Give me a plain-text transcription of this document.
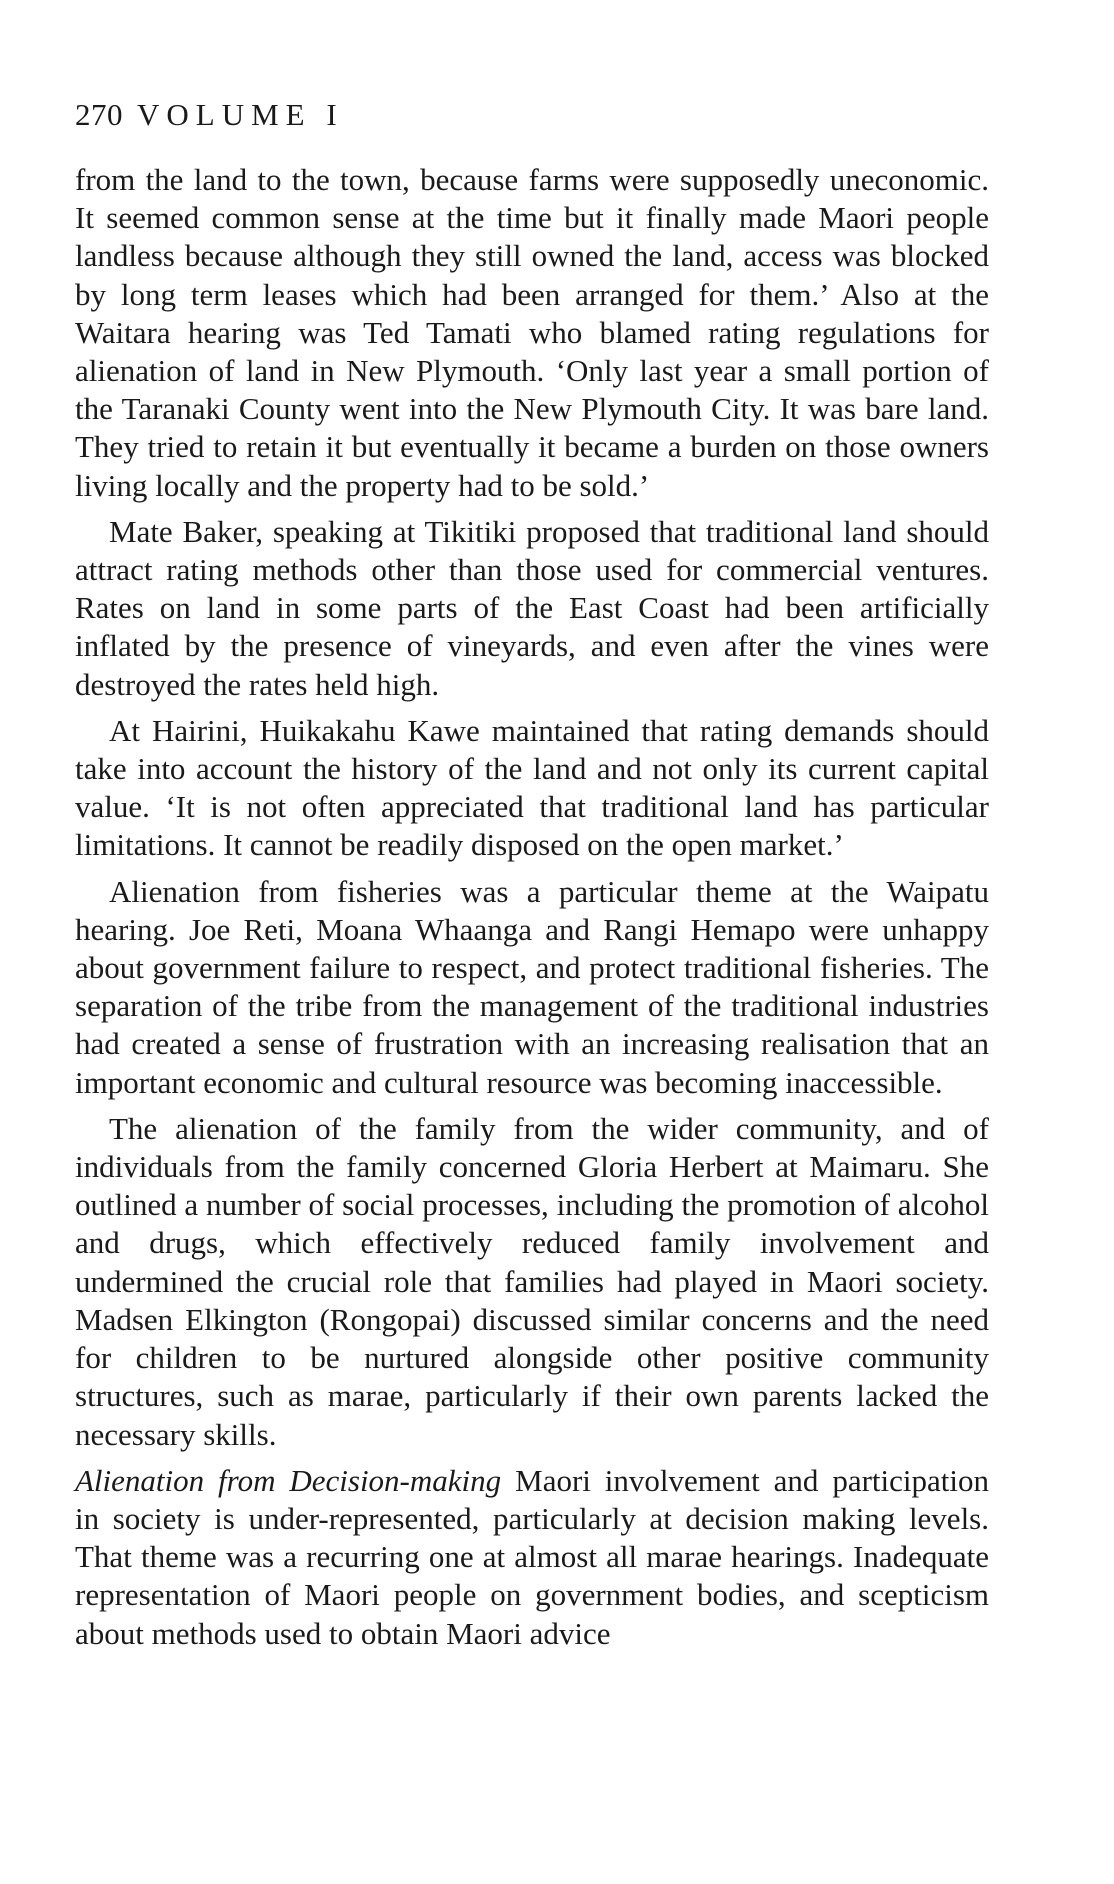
270 VOLUME I

from the land to the town, because farms were supposedly uneconomic. It seemed common sense at the time but it finally made Maori people landless because although they still owned the land, access was blocked by long term leases which had been arranged for them.’ Also at the Waitara hearing was Ted Tamati who blamed rating regulations for alienation of land in New Plymouth. ‘Only last year a small portion of the Taranaki County went into the New Plymouth City. It was bare land. They tried to retain it but eventually it became a burden on those owners living locally and the property had to be sold.’

Mate Baker, speaking at Tikitiki proposed that traditional land should attract rating methods other than those used for commercial ventures. Rates on land in some parts of the East Coast had been artificially inflated by the presence of vineyards, and even after the vines were destroyed the rates held high.

At Hairini, Huikakahu Kawe maintained that rating demands should take into account the history of the land and not only its current capital value. ‘It is not often appreciated that traditional land has particular limitations. It cannot be readily disposed on the open market.’

Alienation from fisheries was a particular theme at the Waipatu hearing. Joe Reti, Moana Whaanga and Rangi Hemapo were unhappy about government failure to respect, and protect traditional fisheries. The separation of the tribe from the management of the traditional industries had created a sense of frustration with an increasing realisation that an important economic and cultural resource was becoming inaccessible.

The alienation of the family from the wider community, and of individuals from the family concerned Gloria Herbert at Maimaru. She outlined a number of social processes, including the promotion of alcohol and drugs, which effectively reduced family involvement and undermined the crucial role that families had played in Maori society. Madsen Elkington (Rongopai) discussed similar concerns and the need for children to be nurtured alongside other positive community structures, such as marae, particularly if their own parents lacked the necessary skills.

Alienation from Decision-making Maori involvement and participation in society is under-represented, particularly at decision making levels. That theme was a recurring one at almost all marae hearings. Inadequate representation of Maori people on government bodies, and scepticism about methods used to obtain Maori advice
